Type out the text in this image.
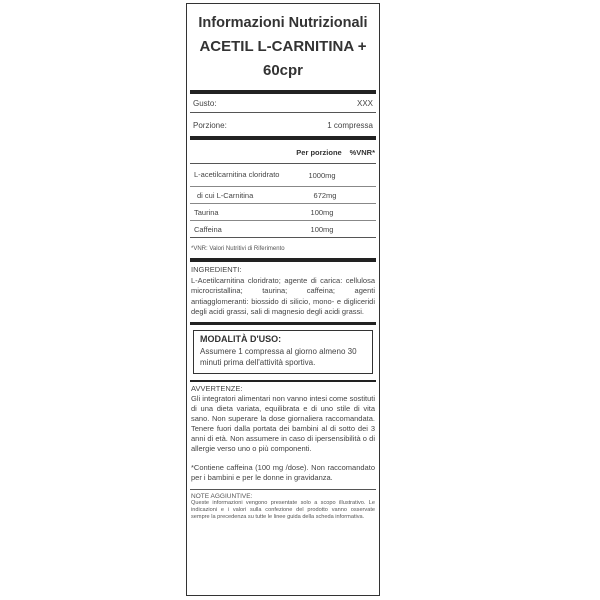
Informazioni Nutrizionali
ACETIL L-CARNITINA +
60cpr
Gusto:	XXX
Porzione:	1 compressa
Per porzione	%VNR*
L-acetilcarnitina cloridrato	1000mg
di cui L-Carnitina	672mg
Taurina	100mg
Caffeina	100mg
*VNR: Valori Nutritivi di Riferimento
INGREDIENTI:
L-Acetilcarnitina cloridrato; agente di carica: cellulosa microcristallina; taurina; caffeina; agenti antiagglomeranti: biossido di silicio, mono- e digliceridi degli acidi grassi, sali di magnesio degli acidi grassi.
MODALITÀ D'USO:
Assumere 1 compressa al giorno almeno 30 minuti prima dell'attività sportiva.
AVVERTENZE:
Gli integratori alimentari non vanno intesi come sostituti di una dieta variata, equilibrata e di uno stile di vita sano. Non superare la dose giornaliera raccomandata. Tenere fuori dalla portata dei bambini al di sotto dei 3 anni di età. Non assumere in caso di ipersensibilità o di allergie verso uno o più componenti.
*Contiene caffeina (100 mg /dose). Non raccomandato per i bambini e per le donne in gravidanza.
NOTE AGGIUNTIVE:
Queste informazioni vengono presentate solo a scopo illustrativo. Le indicazioni e i valori sulla confezione del prodotto vanno osservate sempre la precedenza su tutte le linee guida della scheda informativa.
